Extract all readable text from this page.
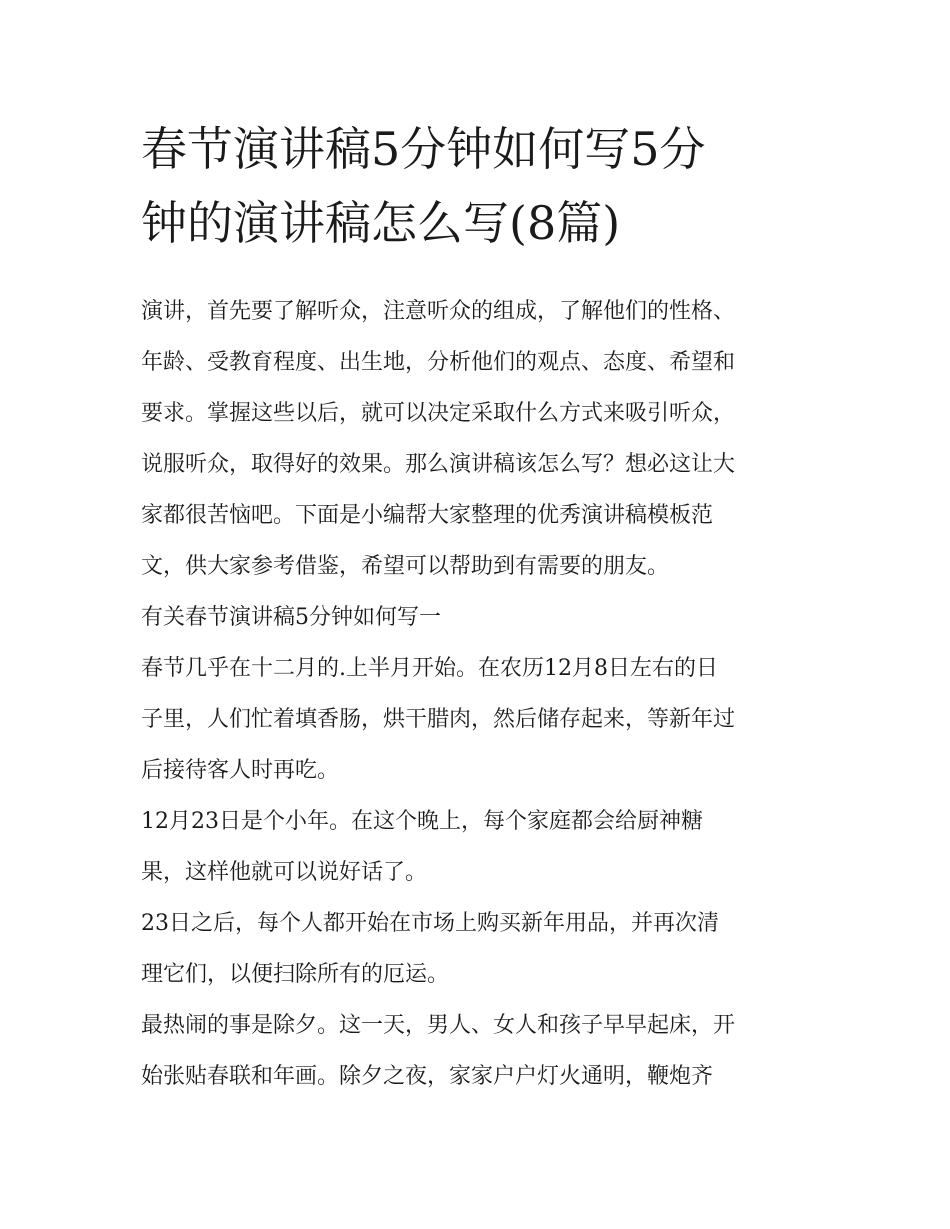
春节演讲稿5分钟如何写5分
钟的演讲稿怎么写(8篇)

演讲，首先要了解听众，注意听众的组成，了解他们的性格、
年龄、受教育程度、出生地，分析他们的观点、态度、希望和
要求。掌握这些以后，就可以决定采取什么方式来吸引听众，
说服听众，取得好的效果。那么演讲稿该怎么写？想必这让大
家都很苦恼吧。下面是小编帮大家整理的优秀演讲稿模板范
文，供大家参考借鉴，希望可以帮助到有需要的朋友。

有关春节演讲稿5分钟如何写一

春节几乎在十二月的.上半月开始。在农历12月8日左右的日
子里，人们忙着填香肠，烘干腊肉，然后储存起来，等新年过
后接待客人时再吃。

12月23日是个小年。在这个晚上，每个家庭都会给厨神糖
果，这样他就可以说好话了。

23日之后，每个人都开始在市场上购买新年用品，并再次清
理它们，以便扫除所有的厄运。

最热闹的事是除夕。这一天，男人、女人和孩子早早起床，开
始张贴春联和年画。除夕之夜，家家户户灯火通明，鞭炮齐
